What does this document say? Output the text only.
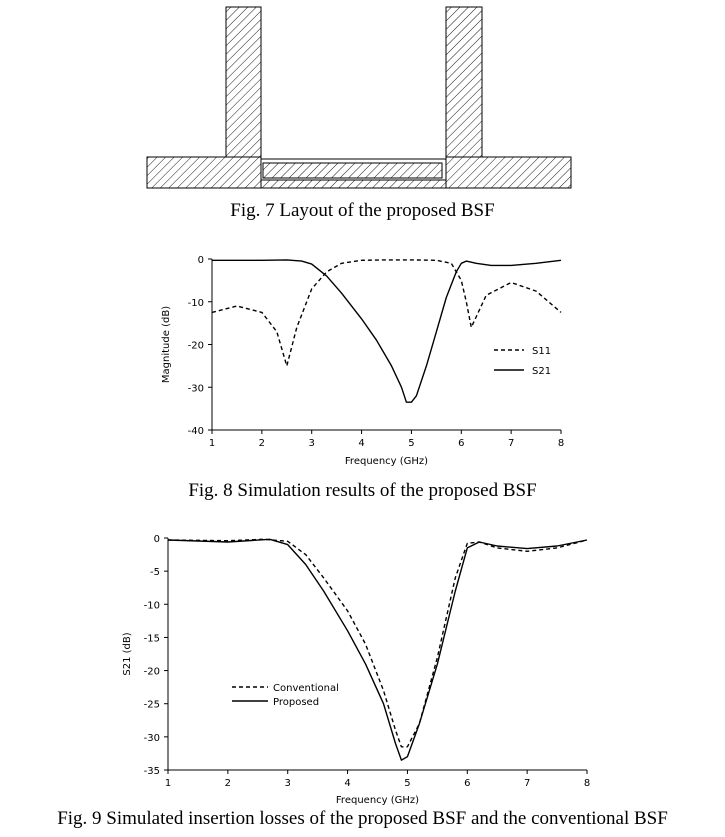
Fig. 7 Layout of the proposed BSF
1	2	3	4	5	6	7	8
0
-10
-20
-30
-40
Frequency (GHz)
Magnitude (dB)	S11
S21
Fig. 8 Simulation results of the proposed BSF
1	2	3	4	5	6	7	8
0
-5
-10
-15
-20
-25
-30
-35
Frequency (GHz)
S21 (dB)
Conventional
Proposed
Fig. 9 Simulated insertion losses of the proposed BSF and the conventional BSF
